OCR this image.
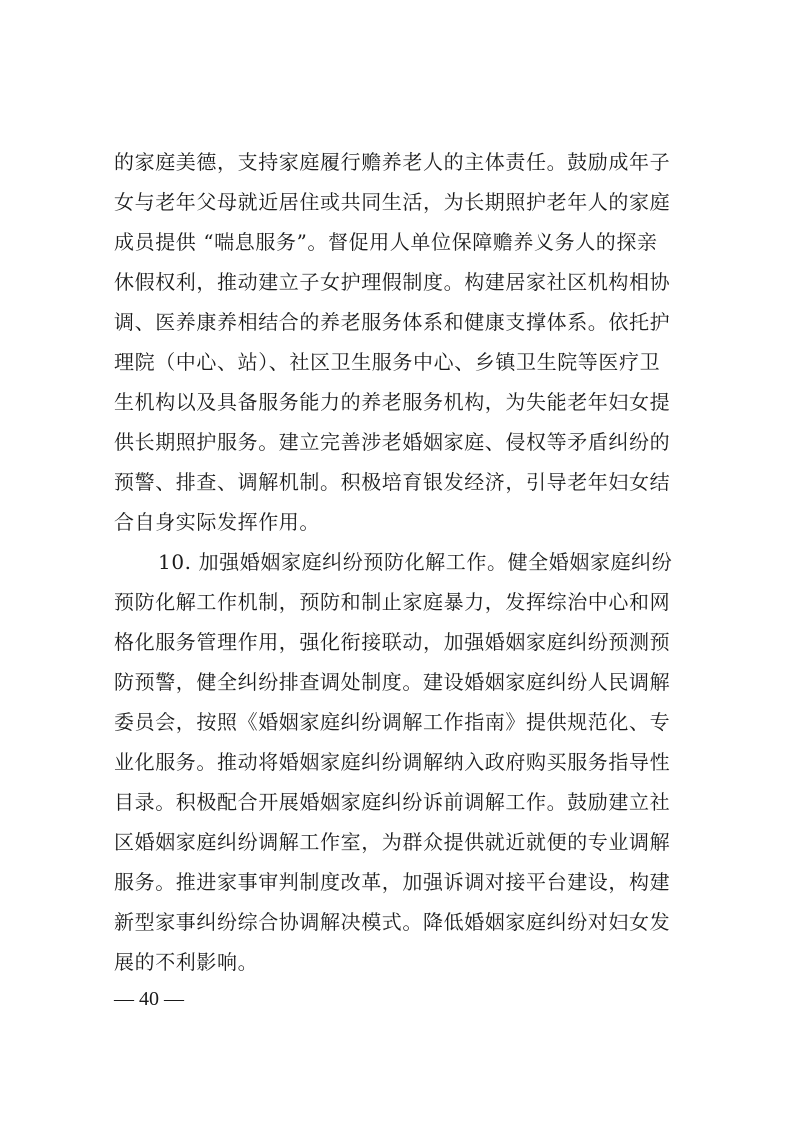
的家庭美德，支持家庭履行赡养老人的主体责任。鼓励成年子
女与老年父母就近居住或共同生活，为长期照护老年人的家庭
成员提供 “喘息服务”。督促用人单位保障赡养义务人的探亲
休假权利，推动建立子女护理假制度。构建居家社区机构相协
调、医养康养相结合的养老服务体系和健康支撑体系。依托护
理院（中心、站）、社区卫生服务中心、乡镇卫生院等医疗卫
生机构以及具备服务能力的养老服务机构，为失能老年妇女提
供长期照护服务。建立完善涉老婚姻家庭、侵权等矛盾纠纷的
预警、排查、调解机制。积极培育银发经济，引导老年妇女结
合自身实际发挥作用。
10. 加强婚姻家庭纠纷预防化解工作。健全婚姻家庭纠纷
预防化解工作机制，预防和制止家庭暴力，发挥综治中心和网
格化服务管理作用，强化衔接联动，加强婚姻家庭纠纷预测预
防预警，健全纠纷排查调处制度。建设婚姻家庭纠纷人民调解
委员会，按照《婚姻家庭纠纷调解工作指南》提供规范化、专
业化服务。推动将婚姻家庭纠纷调解纳入政府购买服务指导性
目录。积极配合开展婚姻家庭纠纷诉前调解工作。鼓励建立社
区婚姻家庭纠纷调解工作室，为群众提供就近就便的专业调解
服务。推进家事审判制度改革，加强诉调对接平台建设，构建
新型家事纠纷综合协调解决模式。降低婚姻家庭纠纷对妇女发
展的不利影响。
— 40 —
